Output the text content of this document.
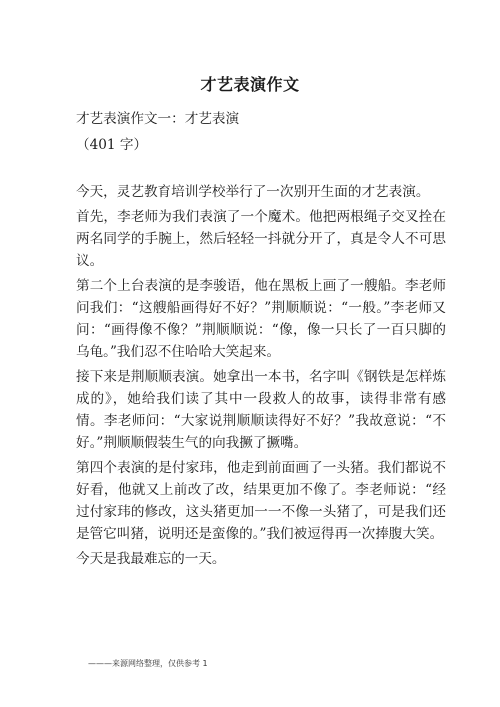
才艺表演作文
才艺表演作文一：才艺表演
（401 字）

今天，灵艺教育培训学校举行了一次别开生面的才艺表演。

首先，李老师为我们表演了一个魔术。他把两根绳子交叉拴在两名同学的手腕上，然后轻轻一抖就分开了，真是令人不可思议。

第二个上台表演的是李骏语，他在黑板上画了一艘船。李老师问我们：“这艘船画得好不好？”荆顺顺说：“一般。”李老师又问：“画得像不像？”荆顺顺说：“像，像一只长了一百只脚的乌龟。”我们忍不住哈哈大笑起来。

接下来是荆顺顺表演。她拿出一本书，名字叫《钢铁是怎样炼成的》，她给我们读了其中一段救人的故事，读得非常有感情。李老师问：“大家说荆顺顺读得好不好？”我故意说：“不好。”荆顺顺假装生气的向我撅了撅嘴。

第四个表演的是付家玮，他走到前面画了一头猪。我们都说不好看，他就又上前改了改，结果更加不像了。李老师说：“经过付家玮的修改，这头猪更加一一不像一头猪了，可是我们还是管它叫猪，说明还是蛮像的。”我们被逗得再一次捧腹大笑。

今天是我最难忘的一天。

———来源网络整理，仅供参考 1
